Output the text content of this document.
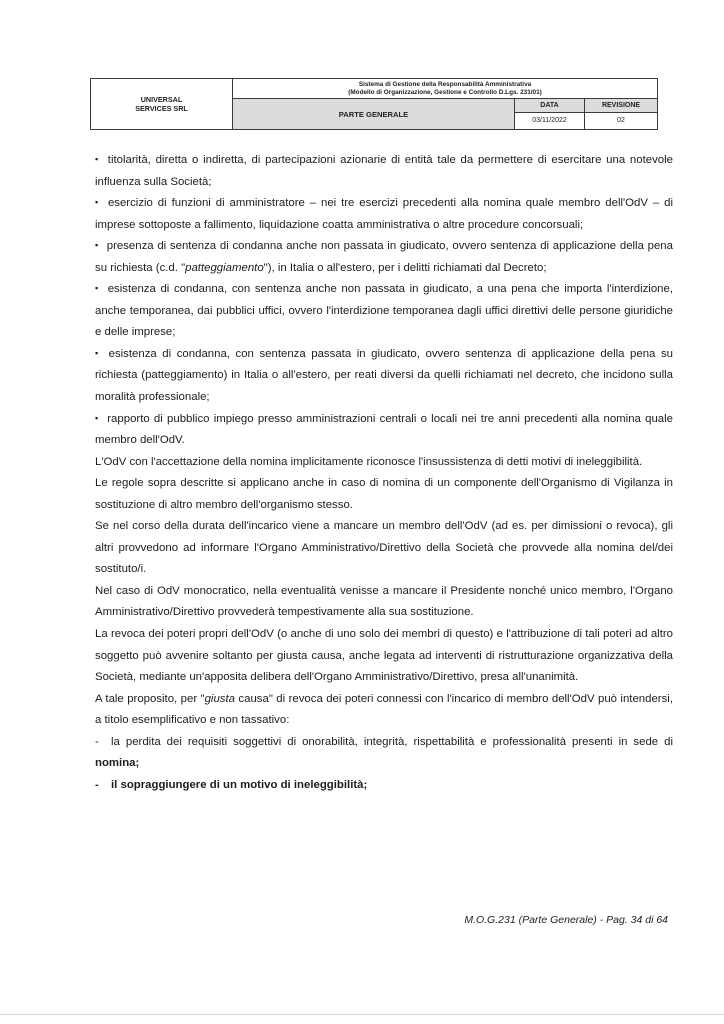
UNIVERSAL
SERVICES SRL
Sistema di Gestione della Responsabilità Amministrativa
(Modello di Organizzazione, Gestione e Controllo D.Lgs. 231/01)
PARTE GENERALE
DATA	REVISIONE
03/11/2022	02

▪ titolarità, diretta o indiretta, di partecipazioni azionarie di entità tale da permettere di esercitare una notevole influenza sulla Società;

▪ esercizio di funzioni di amministratore – nei tre esercizi precedenti alla nomina quale membro dell'OdV – di imprese sottoposte a fallimento, liquidazione coatta amministrativa o altre procedure concorsuali;

▪ presenza di sentenza di condanna anche non passata in giudicato, ovvero sentenza di applicazione della pena su richiesta (c.d. "patteggiamento"), in Italia o all'estero, per i delitti richiamati dal Decreto;

▪ esistenza di condanna, con sentenza anche non passata in giudicato, a una pena che importa l'interdizione, anche temporanea, dai pubblici uffici, ovvero l'interdizione temporanea dagli uffici direttivi delle persone giuridiche e delle imprese;

▪ esistenza di condanna, con sentenza passata in giudicato, ovvero sentenza di applicazione della pena su richiesta (patteggiamento) in Italia o all'estero, per reati diversi da quelli richiamati nel decreto, che incidono sulla moralità professionale;

▪ rapporto di pubblico impiego presso amministrazioni centrali o locali nei tre anni precedenti alla nomina quale membro dell'OdV.

L'OdV con l'accettazione della nomina implicitamente riconosce l'insussistenza di detti motivi di ineleggibilità.

Le regole sopra descritte si applicano anche in caso di nomina di un componente dell'Organismo di Vigilanza in sostituzione di altro membro dell'organismo stesso.

Se nel corso della durata dell'incarico viene a mancare un membro dell'OdV (ad es. per dimissioni o revoca), gli altri provvedono ad informare l'Organo Amministrativo/Direttivo della Società che provvede alla nomina del/dei sostituto/i.

Nel caso di OdV monocratico, nella eventualità venisse a mancare il Presidente nonché unico membro, l'Organo Amministrativo/Direttivo provvederà tempestivamente alla sua sostituzione.

La revoca dei poteri propri dell'OdV (o anche di uno solo dei membri di questo) e l'attribuzione di tali poteri ad altro soggetto può avvenire soltanto per giusta causa, anche legata ad interventi di ristrutturazione organizzativa della Società, mediante un'apposita delibera dell'Organo Amministrativo/Direttivo, presa all'unanimità.

A tale proposito, per "giusta causa" di revoca dei poteri connessi con l'incarico di membro dell'OdV può intendersi, a titolo esemplificativo e non tassativo:

- la perdita dei requisiti soggettivi di onorabilità, integrità, rispettabilità e professionalità presenti in sede di nomina;

- il sopraggiungere di un motivo di ineleggibilità;

M.O.G.231 (Parte Generale) - Pag. 34 di 64
